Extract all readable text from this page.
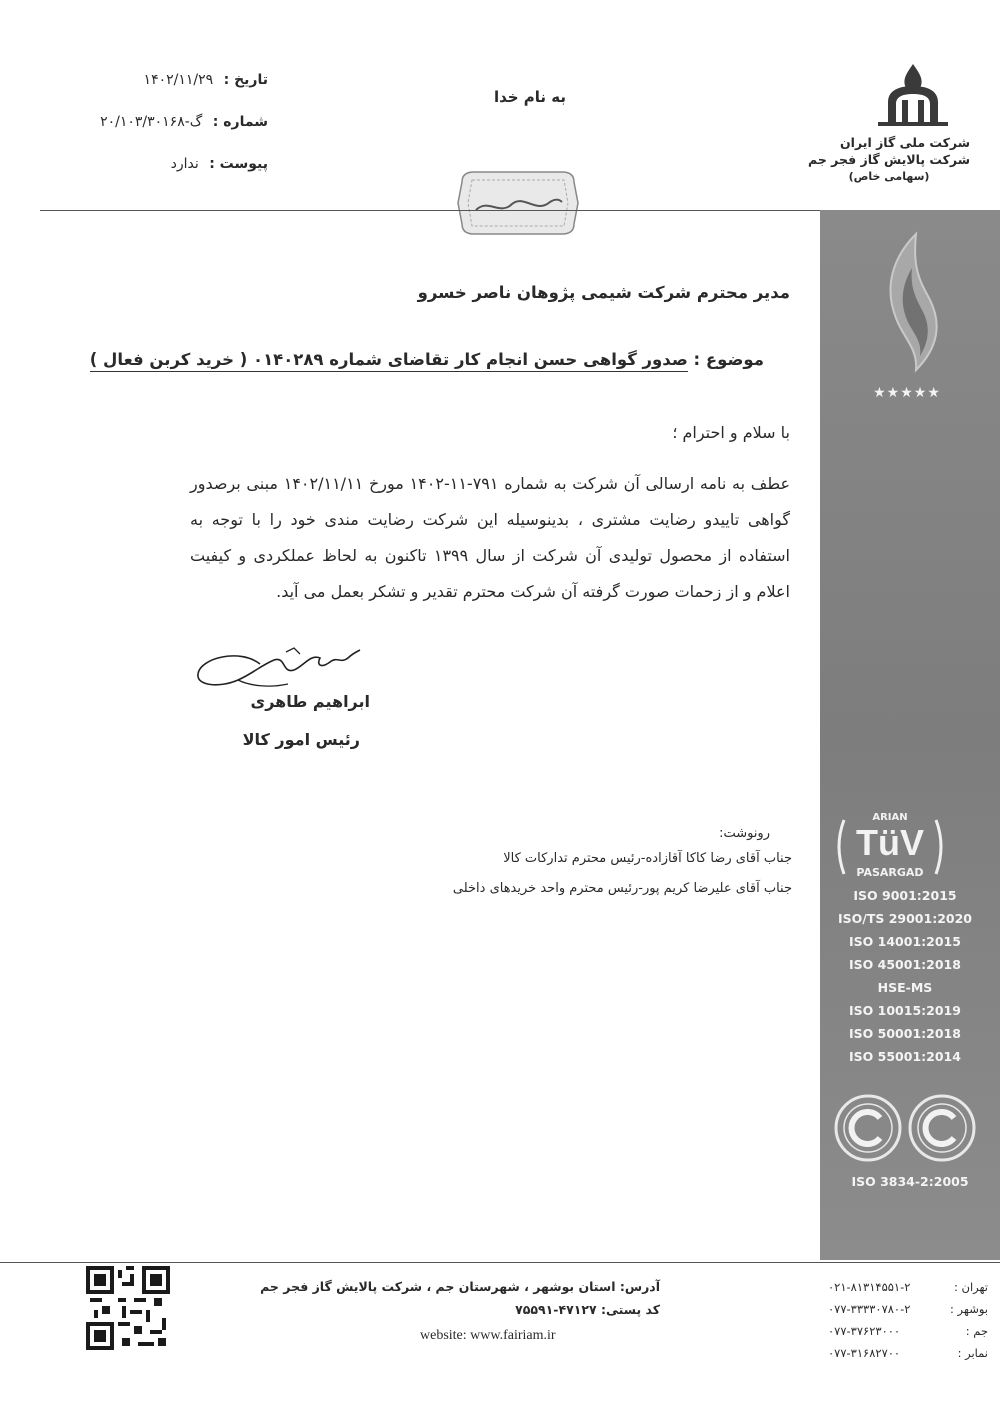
به نام خدا
تاریخ : ۱۴۰۲/۱۱/۲۹
شماره : گ-۲۰/۱۰۳/۳۰۱۶۸
پیوست : ندارد
شرکت ملی گاز ایران
شرکت پالایش گاز فجر جم
(سهامی خاص)
★★★★★
ARIAN
TüV
PASARGAD
ISO 9001:2015
ISO/TS 29001:2020
ISO 14001:2015
ISO 45001:2018
HSE-MS
ISO 10015:2019
ISO 50001:2018
ISO 55001:2014
ISO 3834-2:2005
مدیر محترم شرکت شیمی پژوهان ناصر خسرو
موضوع : صدور گواهی حسن انجام کار تقاضای شماره ۰۱۴۰۲۸۹ ( خرید کربن فعال )
با سلام و احترام ؛
عطف به نامه ارسالی آن شرکت به شماره ۷۹۱-۱۱-۱۴۰۲ مورخ ۱۴۰۲/۱۱/۱۱ مبنی برصدور گواهی تاییدو رضایت مشتری ، بدینوسیله این شرکت رضایت مندی خود را با توجه به استفاده از محصول تولیدی آن شرکت از سال ۱۳۹۹ تاکنون به لحاظ عملکردی و کیفیت اعلام و از زحمات صورت گرفته آن شرکت محترم تقدیر و تشکر بعمل می آید.
ابراهیم طاهری
رئیس امور کالا
رونوشت:
جناب آقای رضا کاکا آقازاده-رئیس محترم تدارکات کالا
جناب آقای علیرضا کریم پور-رئیس محترم واحد خریدهای داخلی
آدرس: استان بوشهر ، شهرستان جم ، شرکت پالایش گاز فجر جم
کد پستی: ۴۷۱۲۷-۷۵۵۹۱
website: www.fairiam.ir
تهران :
۰۲۱-۸۱۳۱۴۵۵۱-۲
بوشهر :
۰۷۷-۳۳۳۳۰۷۸۰-۲
جم :
۰۷۷-۳۷۶۲۳۰۰۰
نمابر :
۰۷۷-۳۱۶۸۲۷۰۰
